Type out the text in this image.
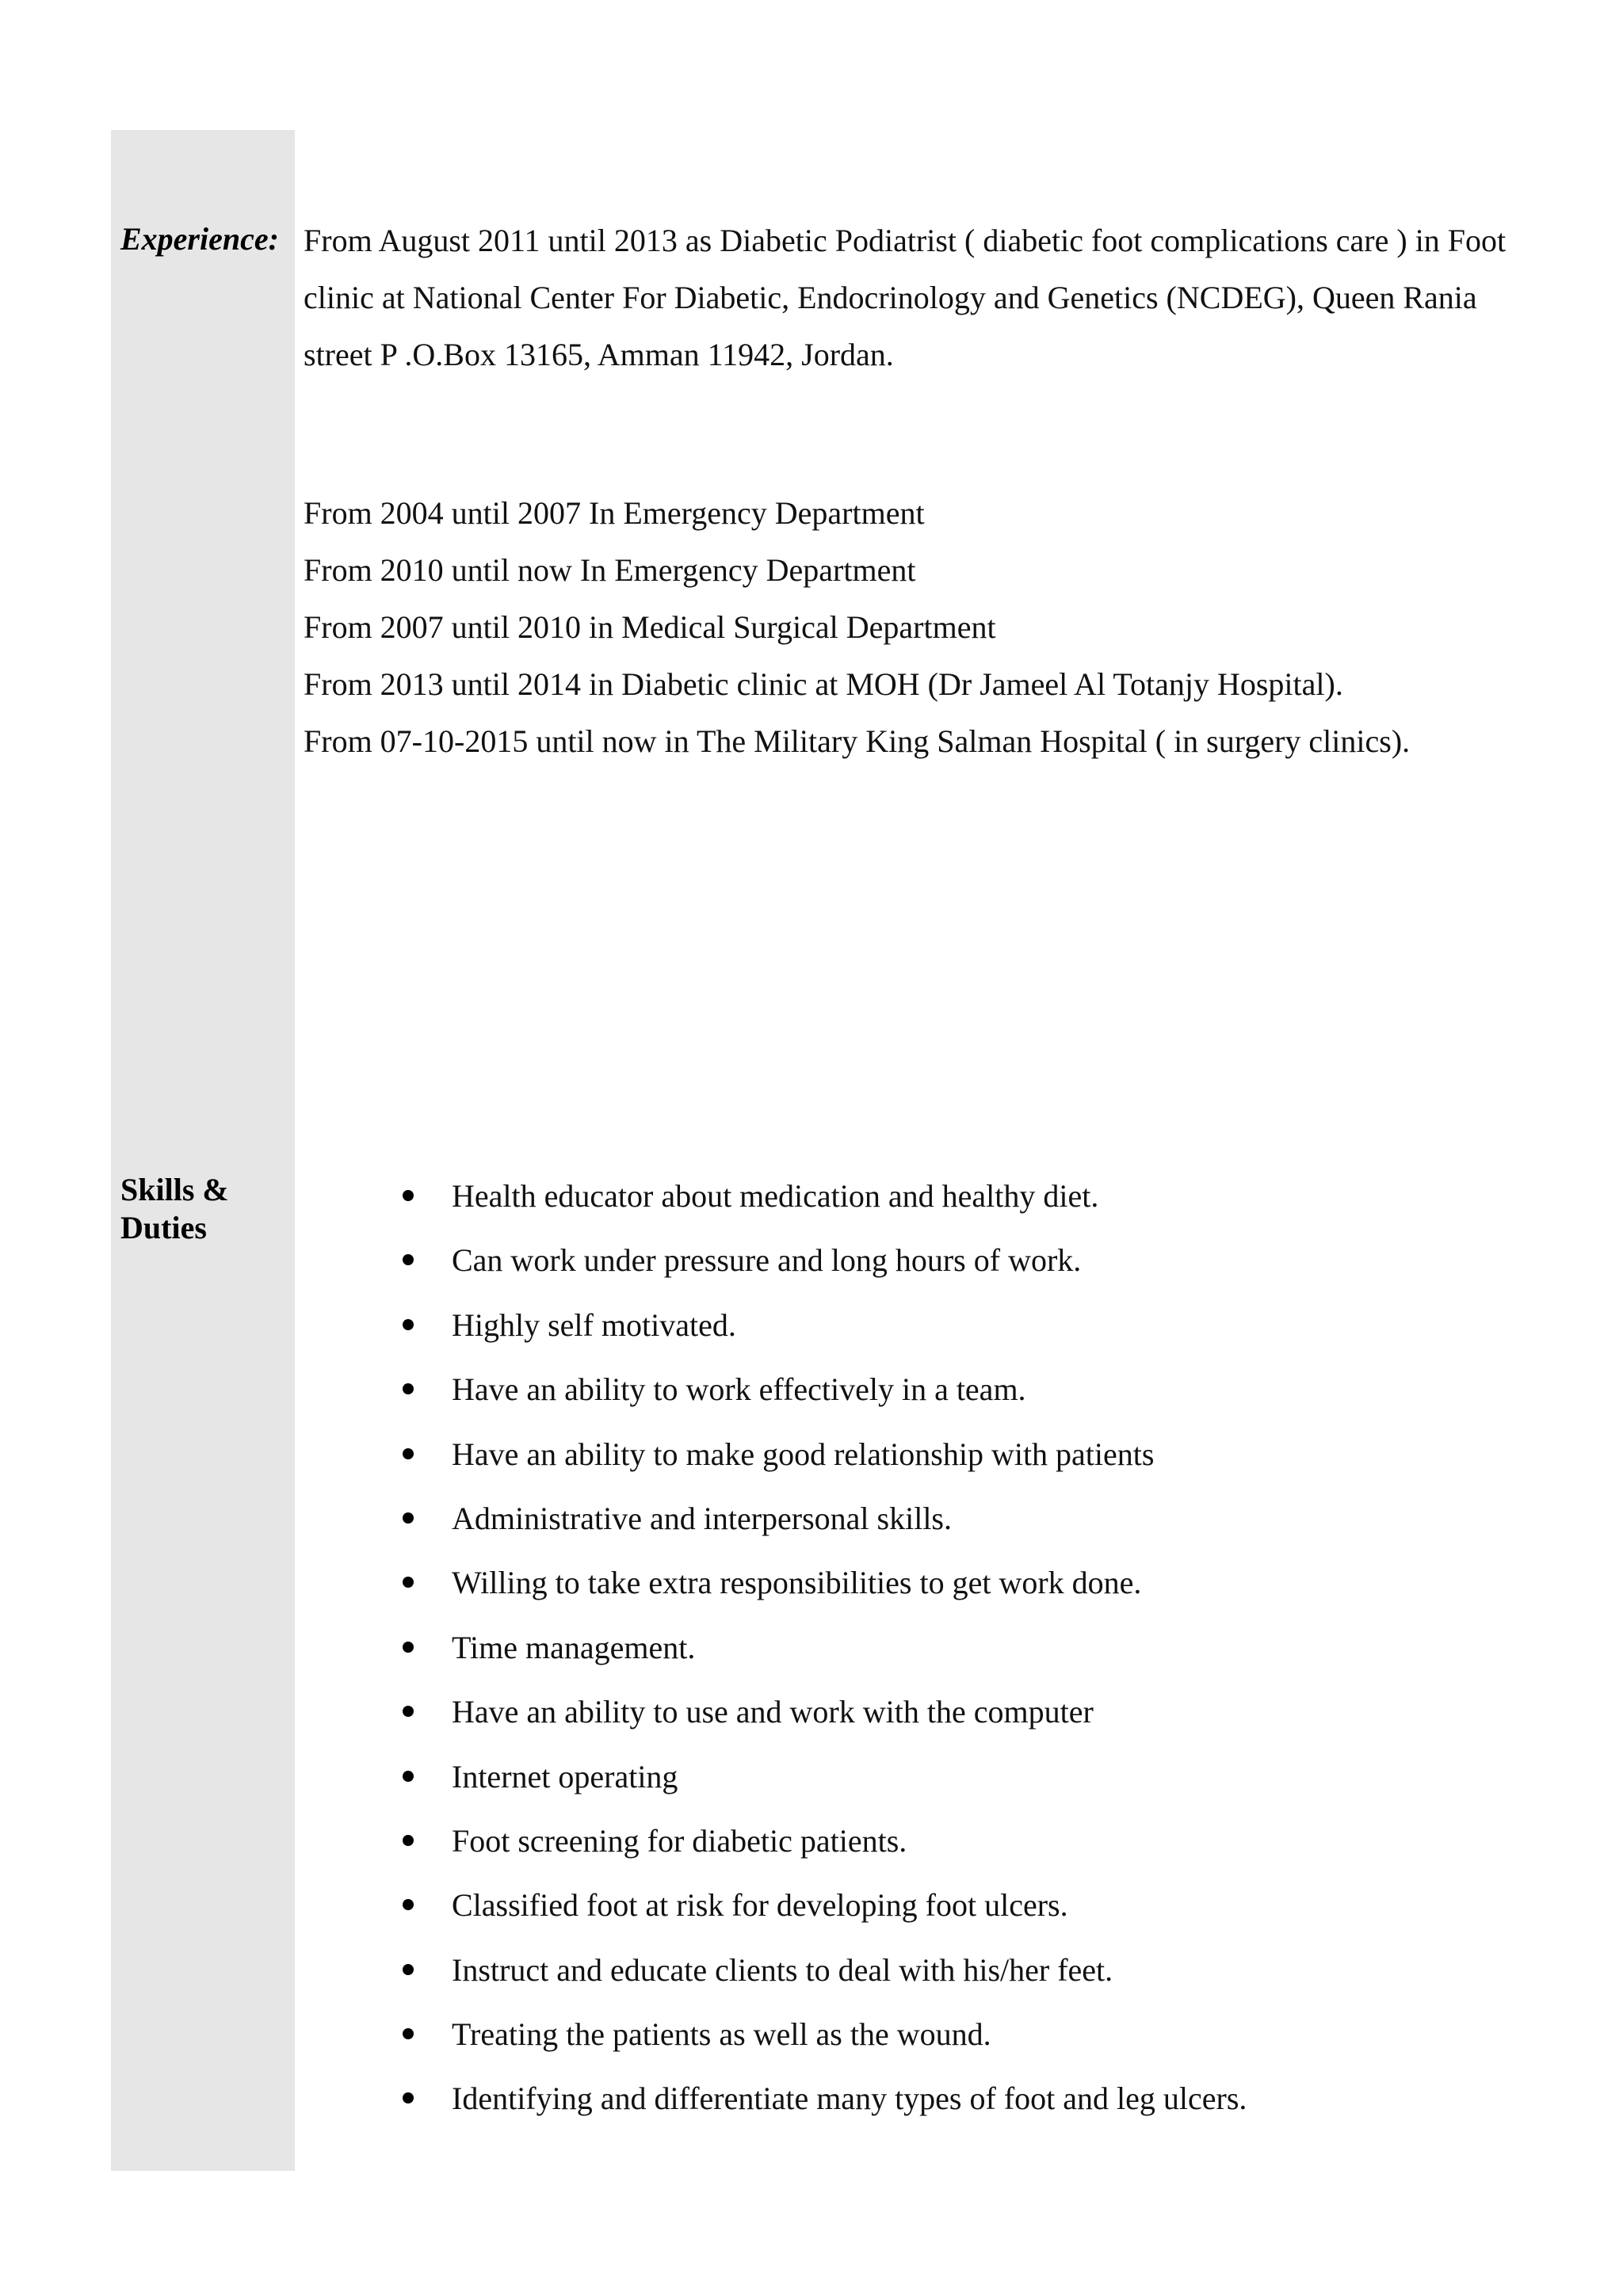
Experience: From August 2011 until 2013 as Diabetic Podiatrist ( diabetic foot complications care ) in Foot clinic at National Center For Diabetic, Endocrinology and Genetics (NCDEG), Queen Rania street P .O.Box 13165, Amman 11942, Jordan.

From 2004 until 2007 In Emergency Department
From 2010 until now In Emergency Department
From 2007 until 2010 in Medical Surgical Department
From 2013 until 2014 in Diabetic clinic at MOH (Dr Jameel Al Totanjy Hospital).
From 07-10-2015 until now in The Military King Salman Hospital ( in surgery clinics).
Skills & Duties
Health educator about medication and healthy diet.
Can work under pressure and long hours of work.
Highly self motivated.
Have an ability to work effectively in a team.
Have an ability to make good relationship with patients
Administrative and interpersonal skills.
Willing to take extra responsibilities to get work done.
Time management.
Have an ability to use and work with the computer
Internet operating
Foot screening for diabetic patients.
Classified foot at risk for developing foot ulcers.
Instruct and educate clients to deal with his/her feet.
Treating the patients as well as the wound.
Identifying and differentiate many types of foot and leg ulcers.
